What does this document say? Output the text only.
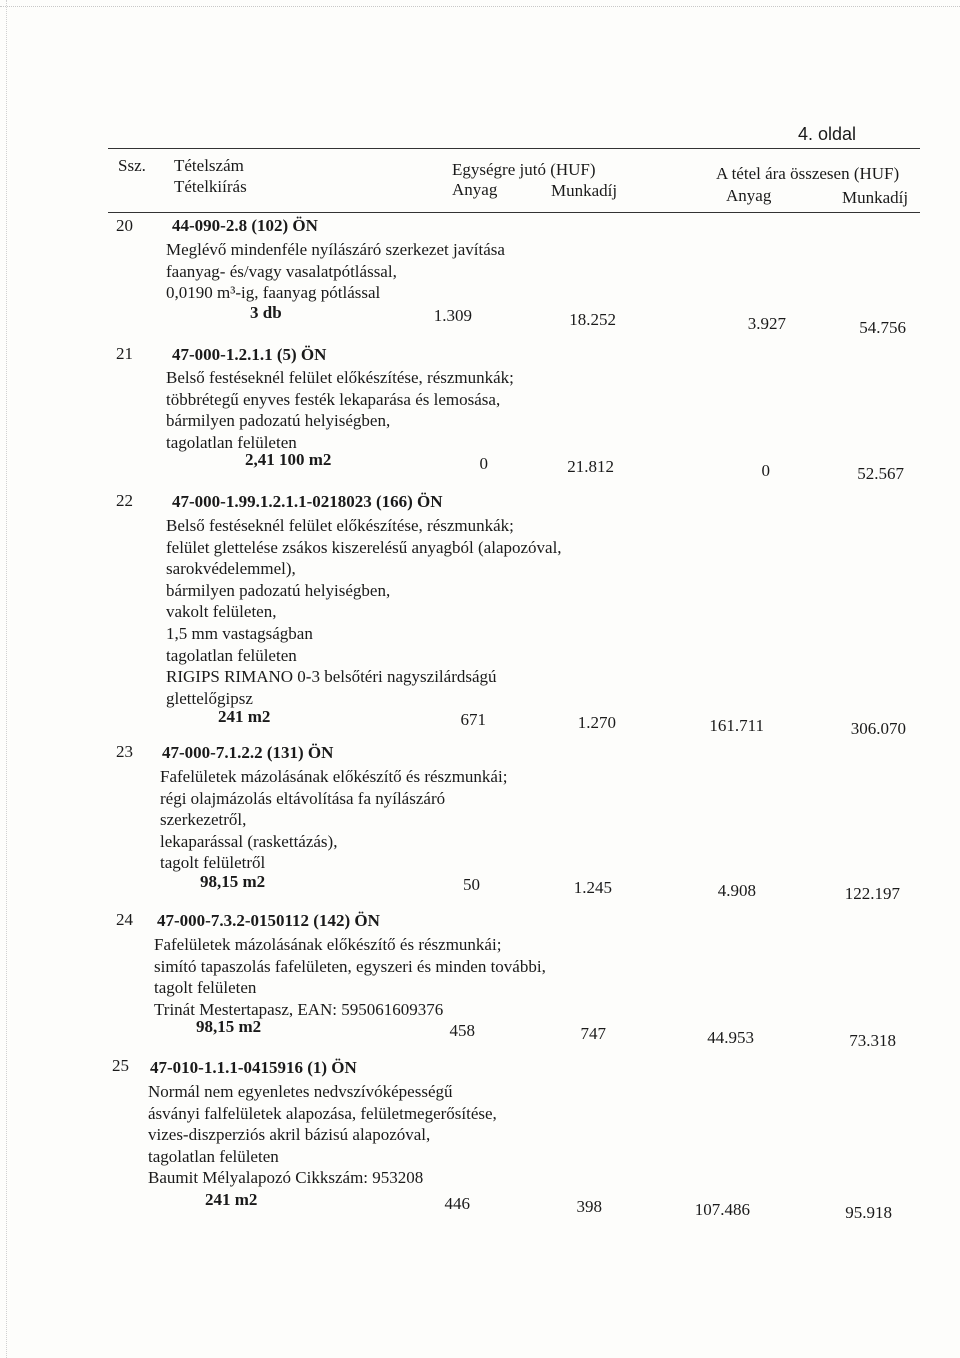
4. oldal
Ssz. Tételszám
Tételkiírás
Egységre jutó (HUF)
Anyag	Munkadíj
A tétel ára összesen (HUF)
Anyag	Munkadíj
20 44-090-2.8 (102) ÖN
Meglévő mindenféle nyílászáró szerkezet javítása
faanyag- és/vagy vasalatpótlással,
0,0190 m³-ig, faanyag pótlással
3 db	1.309	18.252	3.927	54.756
21 47-000-1.2.1.1 (5) ÖN
Belső festéseknél felület előkészítése, részmunkák;
többrétegű enyves festék lekaparása és lemosása,
bármilyen padozatú helyiségben,
tagolatlan felületen
2,41 100 m2	0	21.812	0	52.567
22 47-000-1.99.1.2.1.1-0218023 (166) ÖN
Belső festéseknél felület előkészítése, részmunkák;
felület glettelése zsákos kiszerelésű anyagból (alapozóval,
sarokvédelemmel),
bármilyen padozatú helyiségben,
vakolt felületen,
1,5 mm vastagságban
tagolatlan felületen
RIGIPS RIMANO 0-3 belsőtéri nagyszilárdságú
glettelőgipsz
241 m2	671	1.270	161.711	306.070
23 47-000-7.1.2.2 (131) ÖN
Fafelületek mázolásának előkészítő és részmunkái;
régi olajmázolás eltávolítása fa nyílászáró
szerkezetről,
lekaparással (raskettázás),
tagolt felületről
98,15 m2	50	1.245	4.908	122.197
24 47-000-7.3.2-0150112 (142) ÖN
Fafelületek mázolásának előkészítő és részmunkái;
simító tapaszolás fafelületen, egyszeri és minden további,
tagolt felületen
Trinát Mestertapasz, EAN: 595061609376
98,15 m2	458	747	44.953	73.318
25 47-010-1.1.1-0415916 (1) ÖN
Normál nem egyenletes nedvszívóképességű
ásványi falfelületek alapozása, felületmegerősítése,
vizes-diszperziós akril bázisú alapozóval,
tagolatlan felületen
Baumit Mélyalapozó Cikkszám: 953208
241 m2	446	398	107.486	95.918
